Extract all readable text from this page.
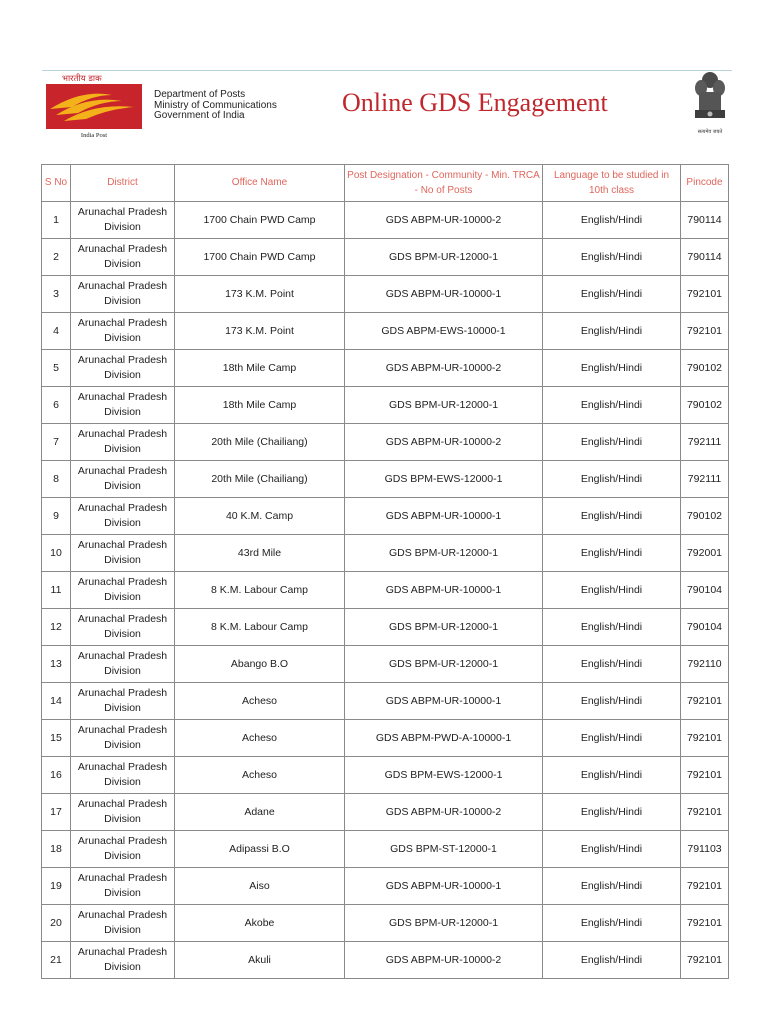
भारतीय डाक
India Post
Department of Posts
Ministry of Communications
Government of India	Online GDS Engagement
सत्यमेव जयते
S No	District	Office Name	Post Designation - Community - Min. TRCA - No of Posts	Language to be studied in 10th class	Pincode
1	Arunachal Pradesh Division	1700 Chain PWD Camp	GDS ABPM-UR-10000-2	English/Hindi	790114
2	Arunachal Pradesh Division	1700 Chain PWD Camp	GDS BPM-UR-12000-1	English/Hindi	790114
3	Arunachal Pradesh Division	173 K.M. Point	GDS ABPM-UR-10000-1	English/Hindi	792101
4	Arunachal Pradesh Division	173 K.M. Point	GDS ABPM-EWS-10000-1	English/Hindi	792101
5	Arunachal Pradesh Division	18th Mile Camp	GDS ABPM-UR-10000-2	English/Hindi	790102
6	Arunachal Pradesh Division	18th Mile Camp	GDS BPM-UR-12000-1	English/Hindi	790102
7	Arunachal Pradesh Division	20th Mile (Chailiang)	GDS ABPM-UR-10000-2	English/Hindi	792111
8	Arunachal Pradesh Division	20th Mile (Chailiang)	GDS BPM-EWS-12000-1	English/Hindi	792111
9	Arunachal Pradesh Division	40 K.M. Camp	GDS ABPM-UR-10000-1	English/Hindi	790102
10	Arunachal Pradesh Division	43rd Mile	GDS BPM-UR-12000-1	English/Hindi	792001
11	Arunachal Pradesh Division	8 K.M. Labour Camp	GDS ABPM-UR-10000-1	English/Hindi	790104
12	Arunachal Pradesh Division	8 K.M. Labour Camp	GDS BPM-UR-12000-1	English/Hindi	790104
13	Arunachal Pradesh Division	Abango B.O	GDS BPM-UR-12000-1	English/Hindi	792110
14	Arunachal Pradesh Division	Acheso	GDS ABPM-UR-10000-1	English/Hindi	792101
15	Arunachal Pradesh Division	Acheso	GDS ABPM-PWD-A-10000-1	English/Hindi	792101
16	Arunachal Pradesh Division	Acheso	GDS BPM-EWS-12000-1	English/Hindi	792101
17	Arunachal Pradesh Division	Adane	GDS ABPM-UR-10000-2	English/Hindi	792101
18	Arunachal Pradesh Division	Adipassi B.O	GDS BPM-ST-12000-1	English/Hindi	791103
19	Arunachal Pradesh Division	Aiso	GDS ABPM-UR-10000-1	English/Hindi	792101
20	Arunachal Pradesh Division	Akobe	GDS BPM-UR-12000-1	English/Hindi	792101
21	Arunachal Pradesh Division	Akuli	GDS ABPM-UR-10000-2	English/Hindi	792101
